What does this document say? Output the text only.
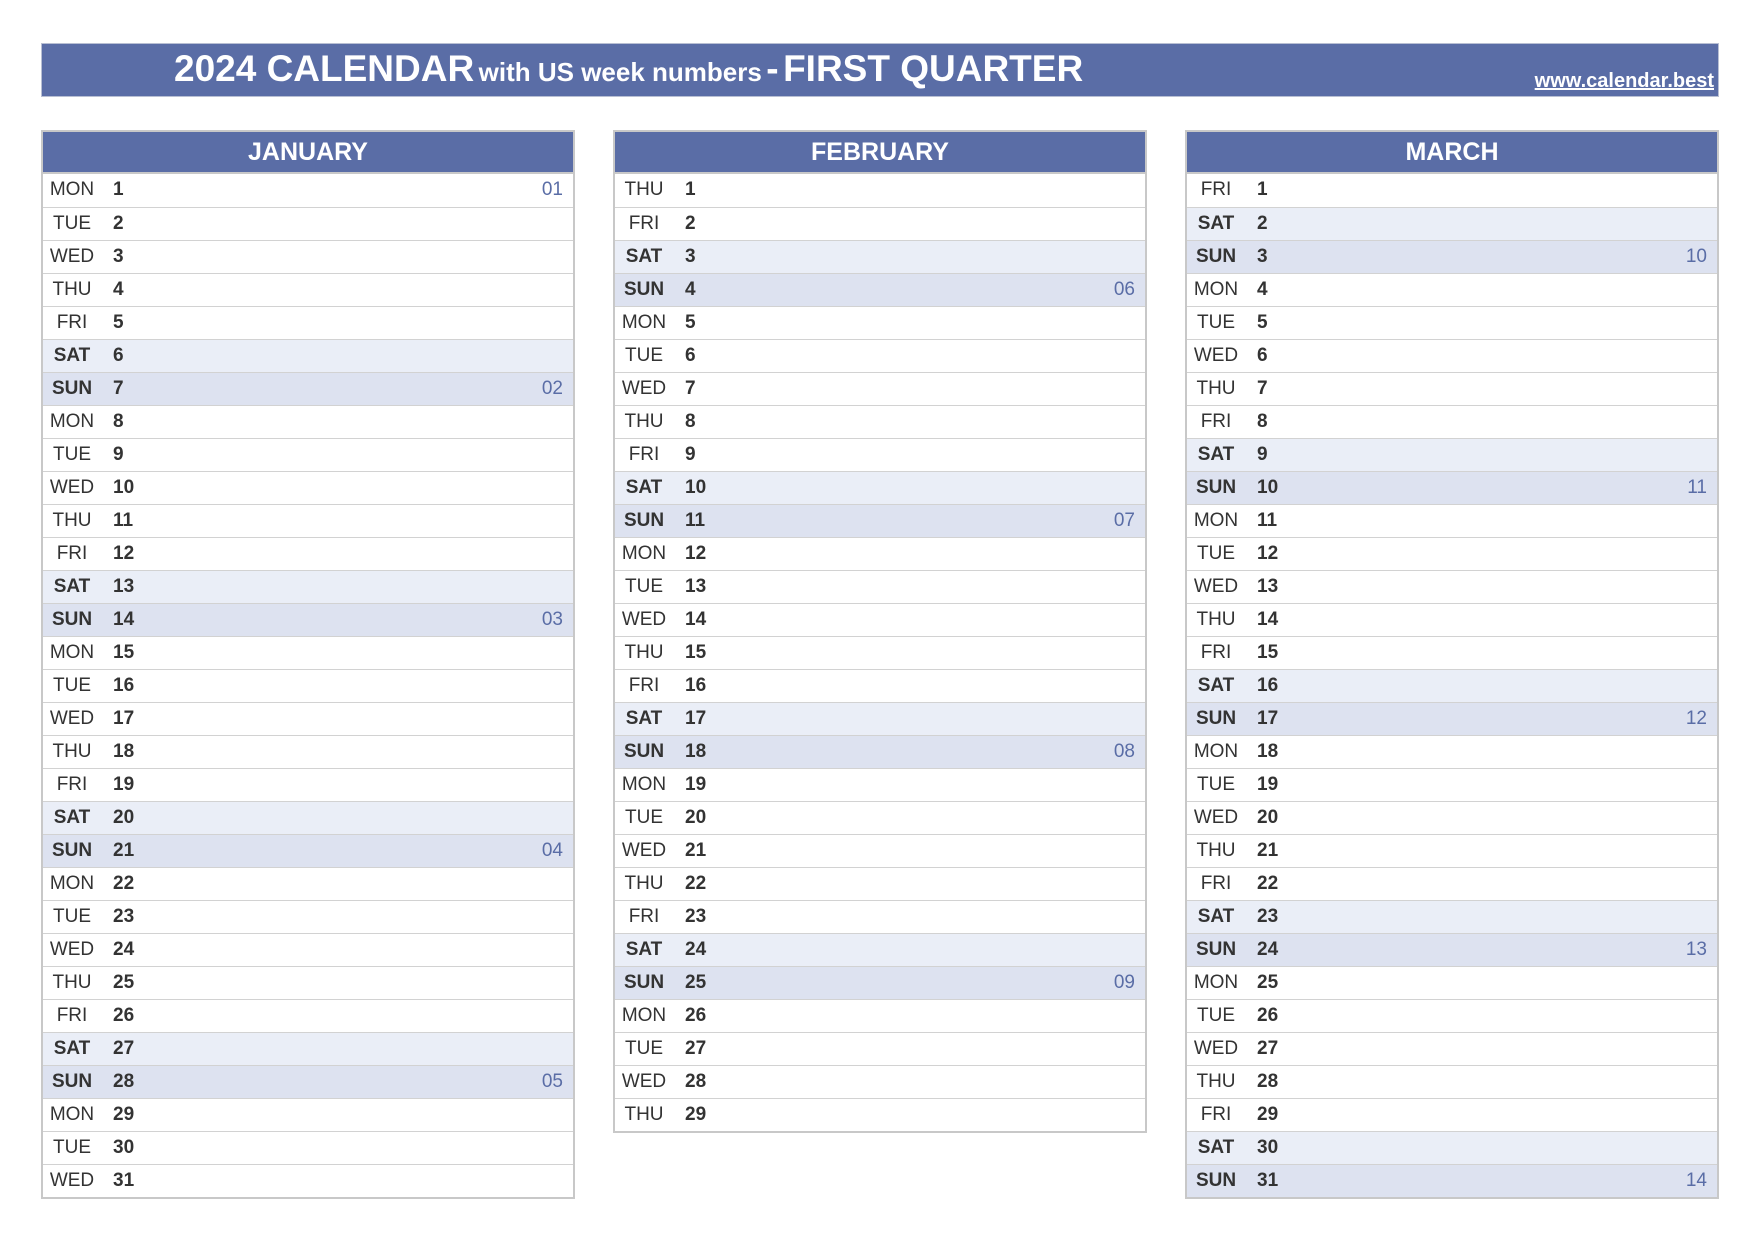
2024 CALENDAR with US week numbers - FIRST QUARTER	www.calendar.best
JANUARY
MON 1	01
TUE	2
WED 3
THU	4
FRI	5
SAT	6
SUN	7	02
MON 8
TUE	9
WED 10
THU	11
FRI	12
SAT	13
SUN	14	03
MON 15
TUE	16
WED 17
THU	18
FRI	19
SAT	20
SUN	21	04
MON 22
TUE	23
WED 24
THU	25
FRI	26
SAT	27
SUN	28	05
MON 29
TUE	30
WED 31
FEBRUARY
THU	1
FRI	2
SAT	3
SUN	4	06
MON 5
TUE	6
WED 7
THU	8
FRI	9
SAT	10
SUN	11	07
MON 12
TUE	13
WED 14
THU	15
FRI	16
SAT	17
SUN	18	08
MON 19
TUE	20
WED 21
THU	22
FRI	23
SAT	24
SUN	25	09
MON 26
TUE	27
WED 28
THU	29
MARCH
FRI	1
SAT	2
SUN	3	10
MON 4
TUE	5
WED 6
THU	7
FRI	8
SAT	9
SUN	10	11
MON 11
TUE	12
WED 13
THU	14
FRI	15
SAT	16
SUN	17	12
MON 18
TUE	19
WED 20
THU	21
FRI	22
SAT	23
SUN	24	13
MON 25
TUE	26
WED 27
THU	28
FRI	29
SAT	30
SUN	31	14
